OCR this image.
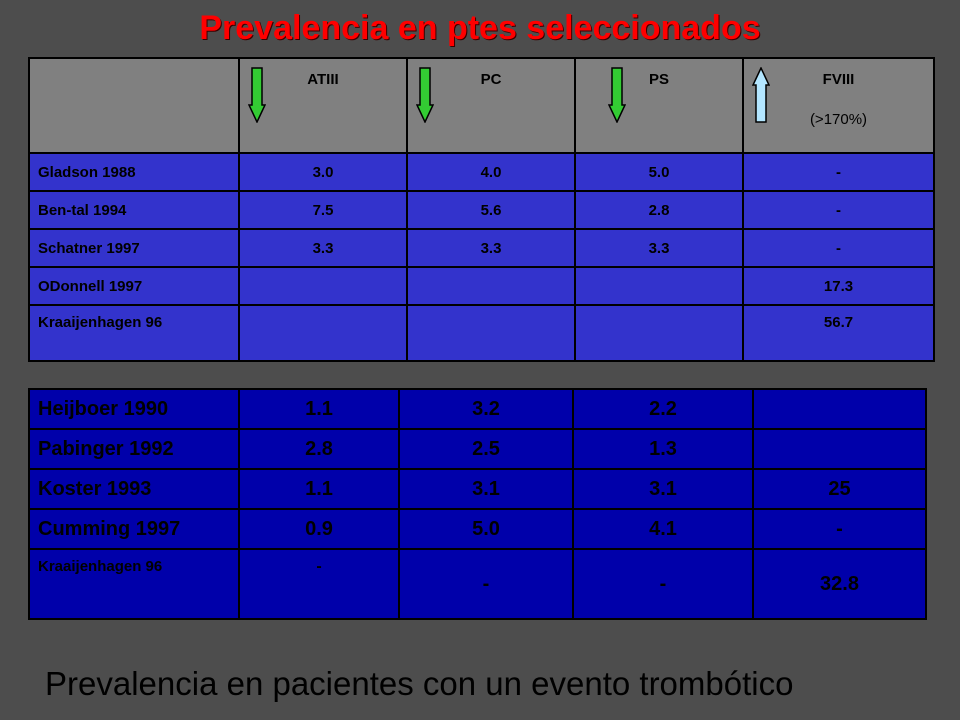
Prevalencia en ptes seleccionados

	ATIII	PC	PS	FVIII
(>170%)

Gladson 1988	3.0	4.0	5.0	-
Ben-tal 1994	7.5	5.6	2.8	-
Schatner 1997	3.3	3.3	3.3	-
ODonnell 1997				17.3
Kraaijenhagen 96				56.7
Heijboer 1990	1.1	3.2	2.2	
Pabinger 1992	2.8	2.5	1.3	
Koster 1993	1.1	3.1	3.1	25
Cumming 1997	0.9	5.0	4.1	-
Kraaijenhagen 96	-	-	-	32.8
Prevalencia en pacientes con un evento trombótico
